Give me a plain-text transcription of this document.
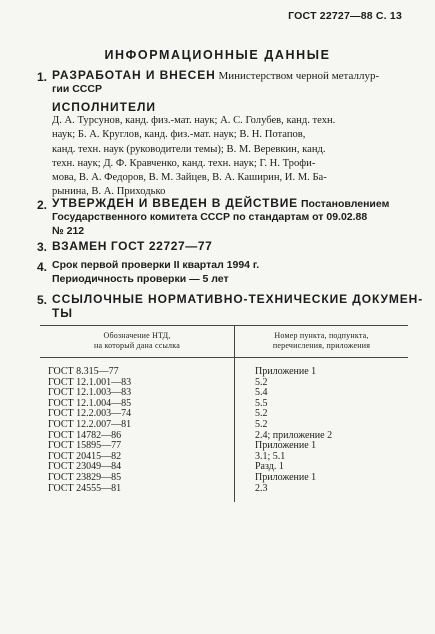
ГОСТ 22727—88 С. 13
ИНФОРМАЦИОННЫЕ ДАННЫЕ
1. РАЗРАБОТАН И ВНЕСЕН Министерством черной металлур-
гии СССР
ИСПОЛНИТЕЛИ
Д. А. Турсунов, канд. физ.-мат. наук; А. С. Голубев, канд. техн.
наук; Б. А. Круглов, канд. физ.-мат. наук; В. Н. Потапов,
канд. техн. наук (руководители темы); В. М. Веревкин, канд.
техн. наук; Д. Ф. Кравченко, канд. техн. наук; Г. Н. Трофи-
мова, В. А. Федоров, В. М. Зайцев, В. А. Каширин, И. М. Ба-
рынина, В. А. Приходько
2. УТВЕРЖДЕН И ВВЕДЕН В ДЕЙСТВИЕ Постановлением
Государственного комитета СССР по стандартам от 09.02.88
№ 212
3. ВЗАМЕН ГОСТ 22727—77
4. Срок первой проверки II квартал 1994 г.
Периодичность проверки — 5 лет
5. ССЫЛОЧНЫЕ НОРМАТИВНО-ТЕХНИЧЕСКИЕ ДОКУМЕН-
ТЫ
Обозначение НТД,
на который дана ссылка	Номер пункта, подпункта,
перечисления, приложения

ГОСТ 8.315—77	Приложение 1
ГОСТ 12.1.001—83	5.2
ГОСТ 12.1.003—83	5.4
ГОСТ 12.1.004—85	5.5
ГОСТ 12.2.003—74	5.2
ГОСТ 12.2.007—81	5.2
ГОСТ 14782—86	2.4; приложение 2
ГОСТ 15895—77	Приложение 1
ГОСТ 20415—82	3.1; 5.1
ГОСТ 23049—84	Разд. 1
ГОСТ 23829—85	Приложение 1
ГОСТ 24555—81	2.3
